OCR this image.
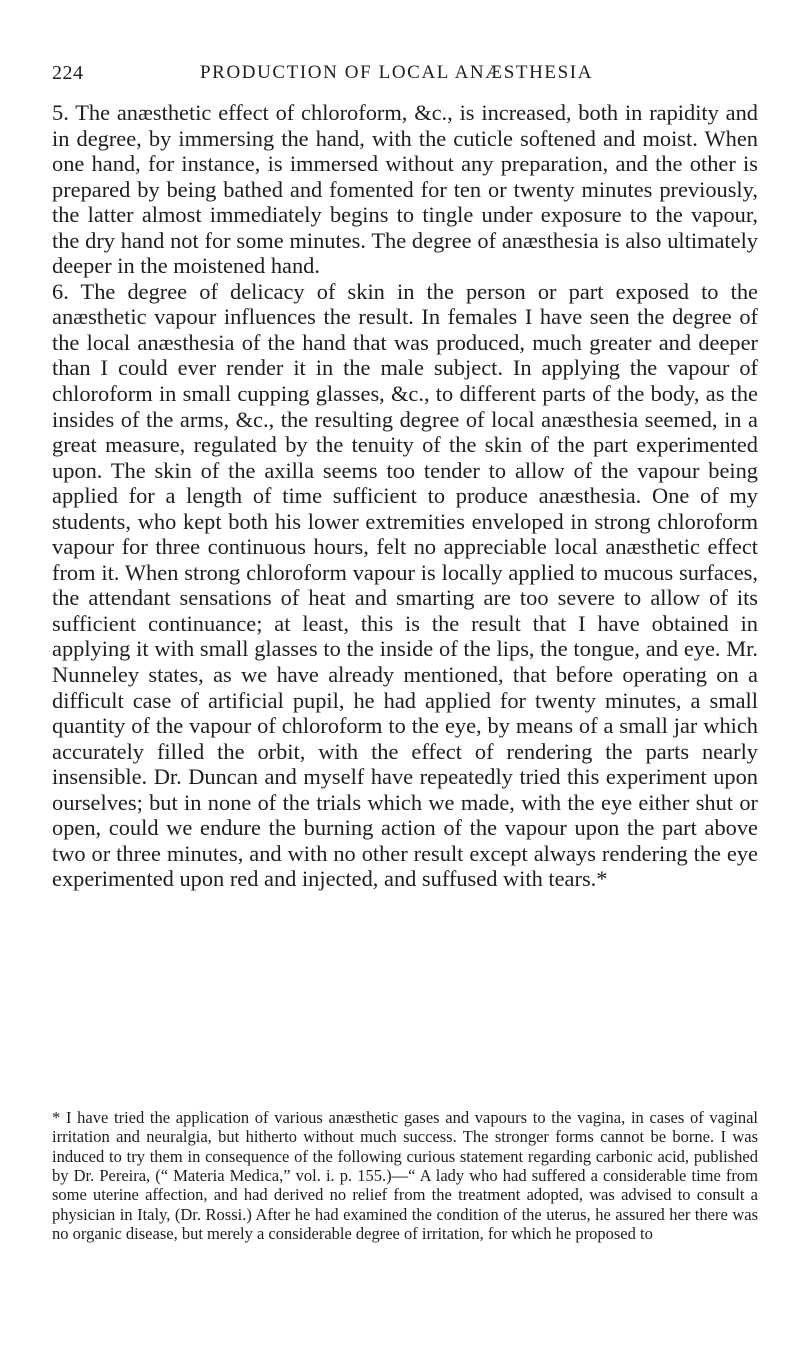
224	PRODUCTION OF LOCAL ANÆSTHESIA

5. The anæsthetic effect of chloroform, &c., is increased, both in rapidity and in degree, by immersing the hand, with the cuticle softened and moist. When one hand, for instance, is immersed without any preparation, and the other is prepared by being bathed and fomented for ten or twenty minutes previously, the latter almost immediately begins to tingle under exposure to the vapour, the dry hand not for some minutes. The degree of anæsthesia is also ultimately deeper in the moistened hand.

6. The degree of delicacy of skin in the person or part exposed to the anæsthetic vapour influences the result. In females I have seen the degree of the local anæsthesia of the hand that was produced, much greater and deeper than I could ever render it in the male subject. In applying the vapour of chloroform in small cupping glasses, &c., to different parts of the body, as the insides of the arms, &c., the resulting degree of local anæsthesia seemed, in a great measure, regulated by the tenuity of the skin of the part experimented upon. The skin of the axilla seems too tender to allow of the vapour being applied for a length of time sufficient to produce anæsthesia. One of my students, who kept both his lower extremities enveloped in strong chloroform vapour for three continuous hours, felt no appreciable local anæsthetic effect from it. When strong chloroform vapour is locally applied to mucous surfaces, the attendant sensations of heat and smarting are too severe to allow of its sufficient continuance; at least, this is the result that I have obtained in applying it with small glasses to the inside of the lips, the tongue, and eye. Mr. Nunneley states, as we have already mentioned, that before operating on a difficult case of artificial pupil, he had applied for twenty minutes, a small quantity of the vapour of chloroform to the eye, by means of a small jar which accurately filled the orbit, with the effect of rendering the parts nearly insensible. Dr. Duncan and myself have repeatedly tried this experiment upon ourselves; but in none of the trials which we made, with the eye either shut or open, could we endure the burning action of the vapour upon the part above two or three minutes, and with no other result except always rendering the eye experimented upon red and injected, and suffused with tears.*

* I have tried the application of various anæsthetic gases and vapours to the vagina, in cases of vaginal irritation and neuralgia, but hitherto without much success. The stronger forms cannot be borne. I was induced to try them in consequence of the following curious statement regarding carbonic acid, published by Dr. Pereira, (“ Materia Medica,” vol. i. p. 155.)—“ A lady who had suffered a considerable time from some uterine affection, and had derived no relief from the treatment adopted, was advised to consult a physician in Italy, (Dr. Rossi.) After he had examined the condition of the uterus, he assured her there was no organic disease, but merely a considerable degree of irritation, for which he proposed to
